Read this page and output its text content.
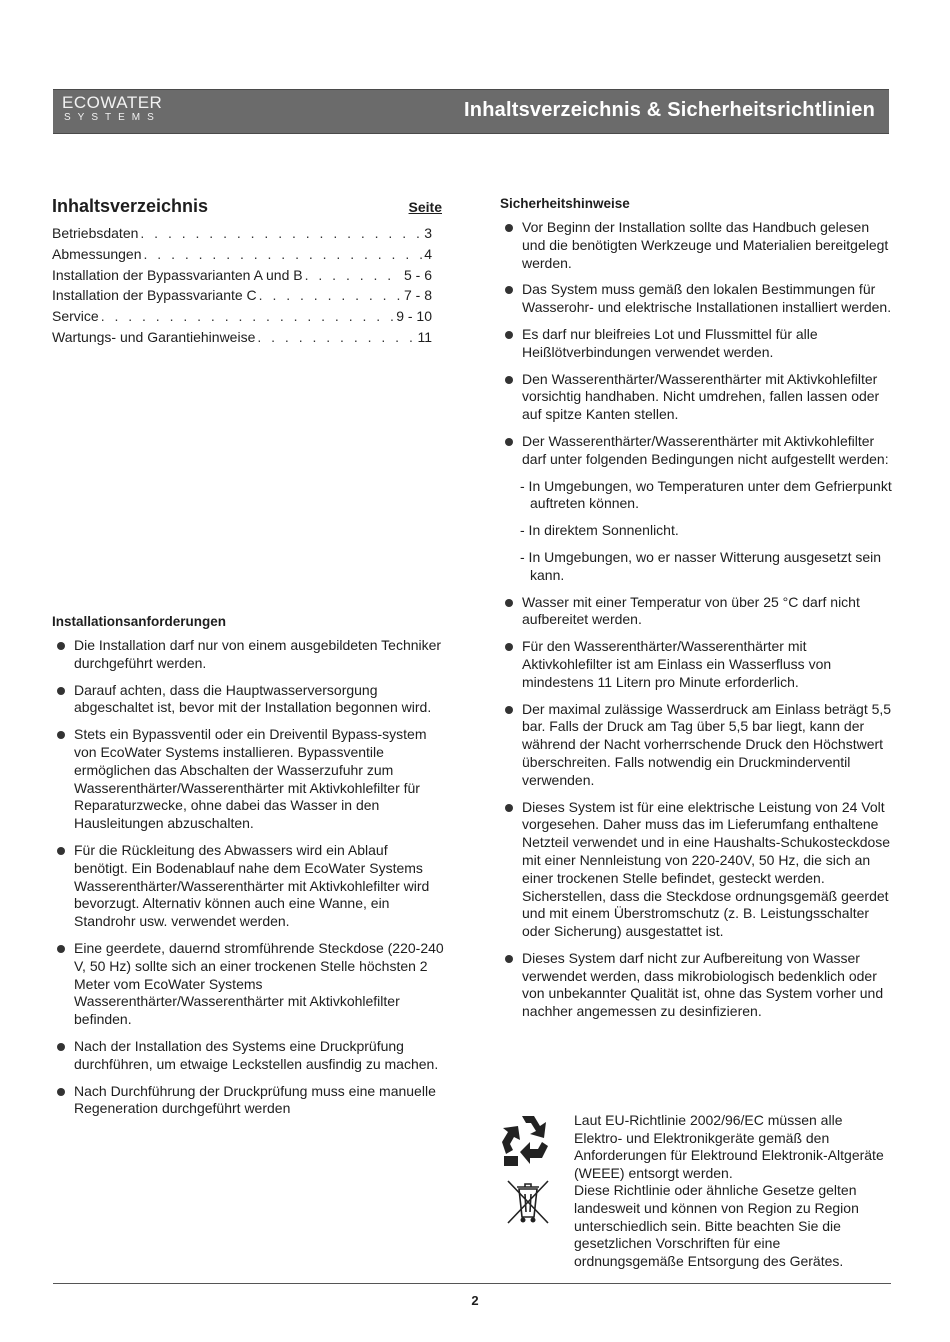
ECOWATER
SYSTEMS	Inhaltsverzeichnis & Sicherheitsrichtlinien
Inhaltsverzeichnis	Seite
Betriebsdaten . . .	3
Abmessungen . . .	4
Installation der Bypassvarianten A und B . . .	5 - 6
Installation der Bypassvariante C . . .	7 - 8
Service . . .	9 - 10
Wartungs- und Garantiehinweise . . .	11
Installationsanforderungen
Die Installation darf nur von einem ausgebildeten Techniker durchgeführt werden.
Darauf achten, dass die Hauptwasserversorgung abgeschaltet ist, bevor mit der Installation begonnen wird.
Stets ein Bypassventil oder ein Dreiventil Bypass-system von EcoWater Systems installieren. Bypassventile ermöglichen das Abschalten der Wasserzufuhr zum Wasserenthärter/Wasserenthärter mit Aktivkohlefilter für Reparaturzwecke, ohne dabei das Wasser in den Hausleitungen abzuschalten.
Für die Rückleitung des Abwassers wird ein Ablauf benötigt. Ein Bodenablauf nahe dem EcoWater Systems Wasserenthärter/Wasserenthärter mit Aktivkohlefilter wird bevorzugt. Alternativ können auch eine Wanne, ein Standrohr usw. verwendet werden.
Eine geerdete, dauernd stromführende Steckdose (220-240 V, 50 Hz) sollte sich an einer trockenen Stelle höchsten 2 Meter vom EcoWater Systems Wasserenthärter/Wasserenthärter mit Aktivkohlefilter befinden.
Nach der Installation des Systems eine Druckprüfung durchführen, um etwaige Leckstellen ausfindig zu machen.
Nach Durchführung der Druckprüfung muss eine manuelle Regeneration durchgeführt werden
Sicherheitshinweise
Vor Beginn der Installation sollte das Handbuch gelesen und die benötigten Werkzeuge und Materialien bereitgelegt werden.
Das System muss gemäß den lokalen Bestimmungen für Wasserohr- und elektrische Installationen installiert werden.
Es darf nur bleifreies Lot und Flussmittel für alle Heißlötverbindungen verwendet werden.
Den Wasserenthärter/Wasserenthärter mit Aktivkohlefilter vorsichtig handhaben. Nicht umdrehen, fallen lassen oder auf spitze Kanten stellen.
Der Wasserenthärter/Wasserenthärter mit Aktivkohlefilter darf unter folgenden Bedingungen nicht aufgestellt werden:
- In Umgebungen, wo Temperaturen unter dem Gefrierpunkt auftreten können.
- In direktem Sonnenlicht.
- In Umgebungen, wo er nasser Witterung ausgesetzt sein kann.
Wasser mit einer Temperatur von über 25 °C darf nicht aufbereitet werden.
Für den Wasserenthärter/Wasserenthärter mit Aktivkohlefilter ist am Einlass ein Wasserfluss von mindestens 11 Litern pro Minute erforderlich.
Der maximal zulässige Wasserdruck am Einlass beträgt 5,5 bar. Falls der Druck am Tag über 5,5 bar liegt, kann der während der Nacht vorherrschende Druck den Höchstwert überschreiten. Falls notwendig ein Druckminderventil verwenden.
Dieses System ist für eine elektrische Leistung von 24 Volt vorgesehen. Daher muss das im Lieferumfang enthaltene Netzteil verwendet und in eine Haushalts-Schukosteckdose mit einer Nennleistung von 220-240V, 50 Hz, die sich an einer trockenen Stelle befindet, gesteckt werden. Sicherstellen, dass die Steckdose ordnungsgemäß geerdet und mit einem Überstromschutz (z. B. Leistungsschalter oder Sicherung) ausgestattet ist.
Dieses System darf nicht zur Aufbereitung von Wasser verwendet werden, dass mikrobiologisch bedenklich oder von unbekannter Qualität ist, ohne das System vorher und nachher angemessen zu desinfizieren.

Laut EU-Richtlinie 2002/96/EC müssen alle Elektro- und Elektronikgeräte gemäß den Anforderungen für Elektround Elektronik-Altgeräte (WEEE) entsorgt werden.
Diese Richtlinie oder ähnliche Gesetze gelten landesweit und können von Region zu Region unterschiedlich sein. Bitte beachten Sie die gesetzlichen Vorschriften für eine ordnungsgemäße Entsorgung des Gerätes.
2
